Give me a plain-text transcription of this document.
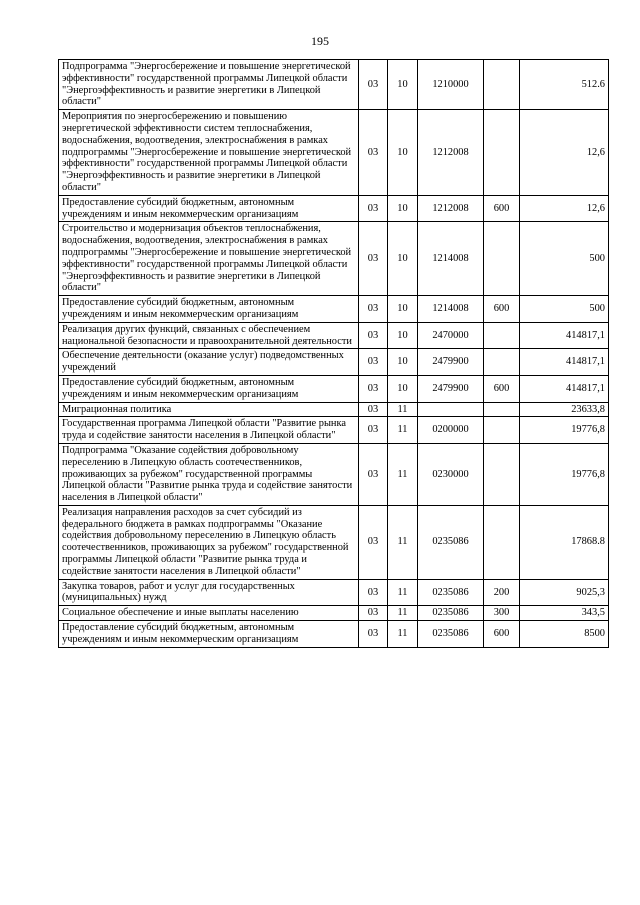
195
Подпрограмма "Энергосбережение и повышение энергетической эффективности" государственной программы Липецкой области "Энергоэффективность и развитие энергетики в Липецкой области"	03	10	1210000		512.6
Мероприятия по энергосбережению и повышению энергетической эффективности систем теплоснабжения, водоснабжения, водоотведения, электроснабжения в рамках подпрограммы "Энергосбережение и повышение энергетической эффективности" государственной программы Липецкой области "Энергоэффективность и развитие энергетики в Липецкой области"	03	10	1212008		12,6
Предоставление субсидий бюджетным, автономным учреждениям и иным некоммерческим организациям	03	10	1212008	600	12,6
Строительство и модернизация объектов теплоснабжения, водоснабжения, водоотведения, электроснабжения в рамках подпрограммы "Энергосбережение и повышение энергетической эффективности" государственной программы Липецкой области "Энергоэффективность и развитие энергетики в Липецкой области"	03	10	1214008		500
Предоставление субсидий бюджетным, автономным учреждениям и иным некоммерческим организациям	03	10	1214008	600	500
Реализация других функций, связанных с обеспечением национальной безопасности и правоохранительной деятельности	03	10	2470000		414817,1
Обеспечение деятельности (оказание услуг) подведомственных учреждений	03	10	2479900		414817,1
Предоставление субсидий бюджетным, автономным учреждениям и иным некоммерческим организациям	03	10	2479900	600	414817,1
Миграционная политика	03	11			23633,8
Государственная программа Липецкой области "Развитие рынка труда и содействие занятости населения в Липецкой области"	03	11	0200000		19776,8
Подпрограмма "Оказание содействия добровольному переселению в Липецкую область соотечественников, проживающих за рубежом" государственной программы Липецкой области "Развитие рынка труда и содействие занятости населения в Липецкой области"	03	11	0230000		19776,8
Реализация направления расходов за счет субсидий из федерального бюджета в рамках подпрограммы "Оказание содействия добровольному переселению в Липецкую область соотечественников, проживающих за рубежом" государственной программы Липецкой области "Развитие рынка труда и содействие занятости населения в Липецкой области"	03	11	0235086		17868.8
Закупка товаров, работ и услуг для государственных (муниципальных) нужд	03	11	0235086	200	9025,3
Социальное обеспечение и иные выплаты населению	03	11	0235086	300	343,5
Предоставление субсидий бюджетным, автономным учреждениям и иным некоммерческим организациям	03	11	0235086	600	8500
